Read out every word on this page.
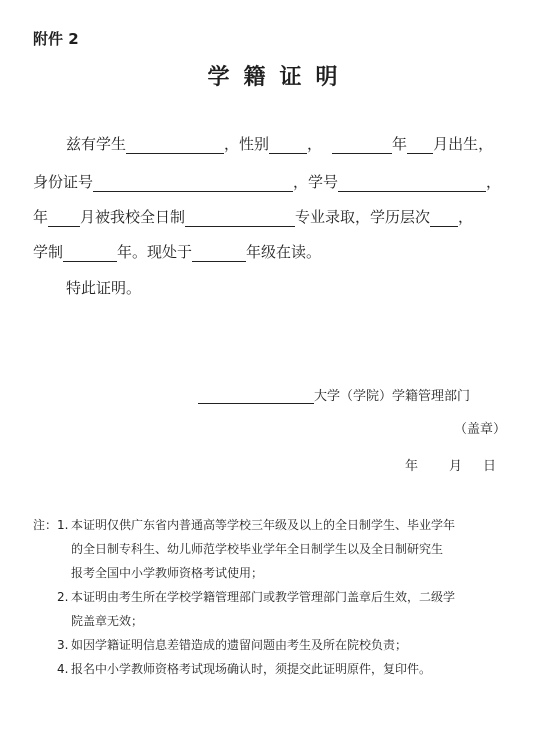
附件 2
学籍证明
兹有学生	，性别	，	年 月出生，
身份证号	，学号	，
年 月被我校全日制	专业录取，学历层次 ，
学制	年。现处于	年级在读。
特此证明。
大学（学院）学籍管理部门
（盖章）
年 月 日
注： 1. 本证明仅供广东省内普通高等学校三年级及以上的全日制学生、毕业学年
的全日制专科生、幼儿师范学校毕业学年全日制学生以及全日制研究生
报考全国中小学教师资格考试使用；
2. 本证明由考生所在学校学籍管理部门或教学管理部门盖章后生效，二级学
院盖章无效；
3. 如因学籍证明信息差错造成的遗留问题由考生及所在院校负责；
4. 报名中小学教师资格考试现场确认时，须提交此证明原件，复印件。
